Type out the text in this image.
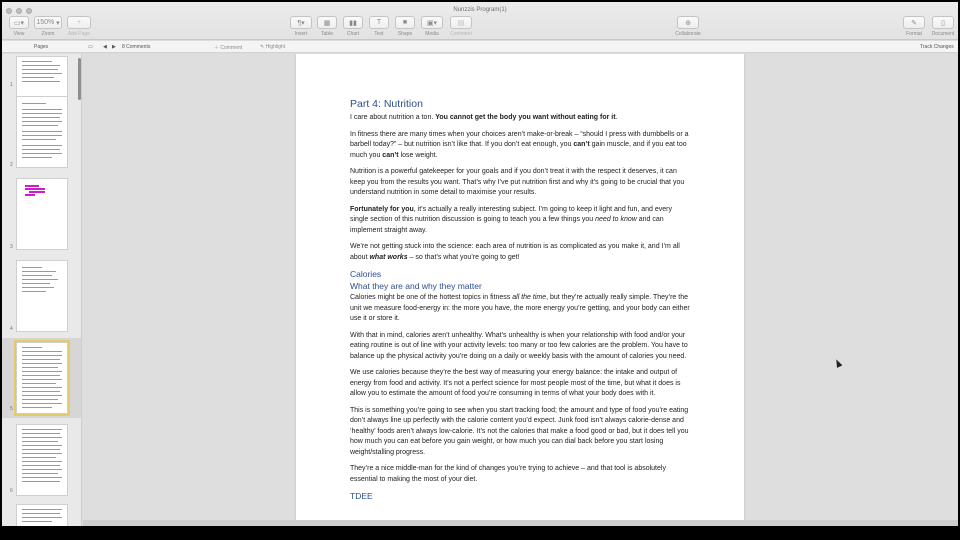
Nunzzis Program(1)
▭▾
View
150% ▾
Zoom
+
Add Page
¶▾
Insert
▦
Table
▮▮
Chart
T
Text
■
Shape
▣▾
Media
▤
Comment
⊕
Collaborate
✎
Format
▯
Document
Pages	▭ ◀ ▶ 8 Comments	＋ Comment	✎ Highlight	Track Changes
1
2
3
4
5
6
Part 4: Nutrition

I care about nutrition a ton. You cannot get the body you want without eating for it.

In fitness there are many times when your choices aren’t make-or-break – “should I press with dumbbells or a barbell today?” – but nutrition isn’t like that. If you don’t eat enough, you can’t gain muscle, and if you eat too much you can’t lose weight.

Nutrition is a powerful gatekeeper for your goals and if you don’t treat it with the respect it deserves, it can keep you from the results you want. That’s why I’ve put nutrition first and why it’s going to be crucial that you understand nutrition in some detail to maximise your results.

Fortunately for you, it’s actually a really interesting subject. I’m going to keep it light and fun, and every single section of this nutrition discussion is going to teach you a few things you need to know and can implement straight away.

We’re not getting stuck into the science: each area of nutrition is as complicated as you make it, and I’m all about what works – so that’s what you’re going to get!

Calories
What they are and why they matter

Calories might be one of the hottest topics in fitness all the time, but they’re actually really simple. They’re the unit we measure food-energy in: the more you have, the more energy you’re getting, and your body can either use it or store it.

With that in mind, calories aren’t unhealthy. What’s unhealthy is when your relationship with food and/or your eating routine is out of line with your activity levels: too many or too few calories are the problem. You have to balance up the physical activity you’re doing on a daily or weekly basis with the amount of calories you need.

We use calories because they’re the best way of measuring your energy balance: the intake and output of energy from food and activity. It’s not a perfect science for most people most of the time, but what it does is allow you to estimate the amount of food you’re consuming in terms of what your body does with it.

This is something you’re going to see when you start tracking food; the amount and type of food you’re eating don’t always line up perfectly with the calorie content you’d expect. Junk food isn’t always calorie-dense and ‘healthy’ foods aren’t always low-calorie. It’s not the calories that make a food good or bad, but it does tell you how much you can eat before you gain weight, or how much you can dial back before you start losing weight/stalling progress.

They’re a nice middle-man for the kind of changes you’re trying to achieve – and that tool is absolutely essential to making the most of your diet.

TDEE
